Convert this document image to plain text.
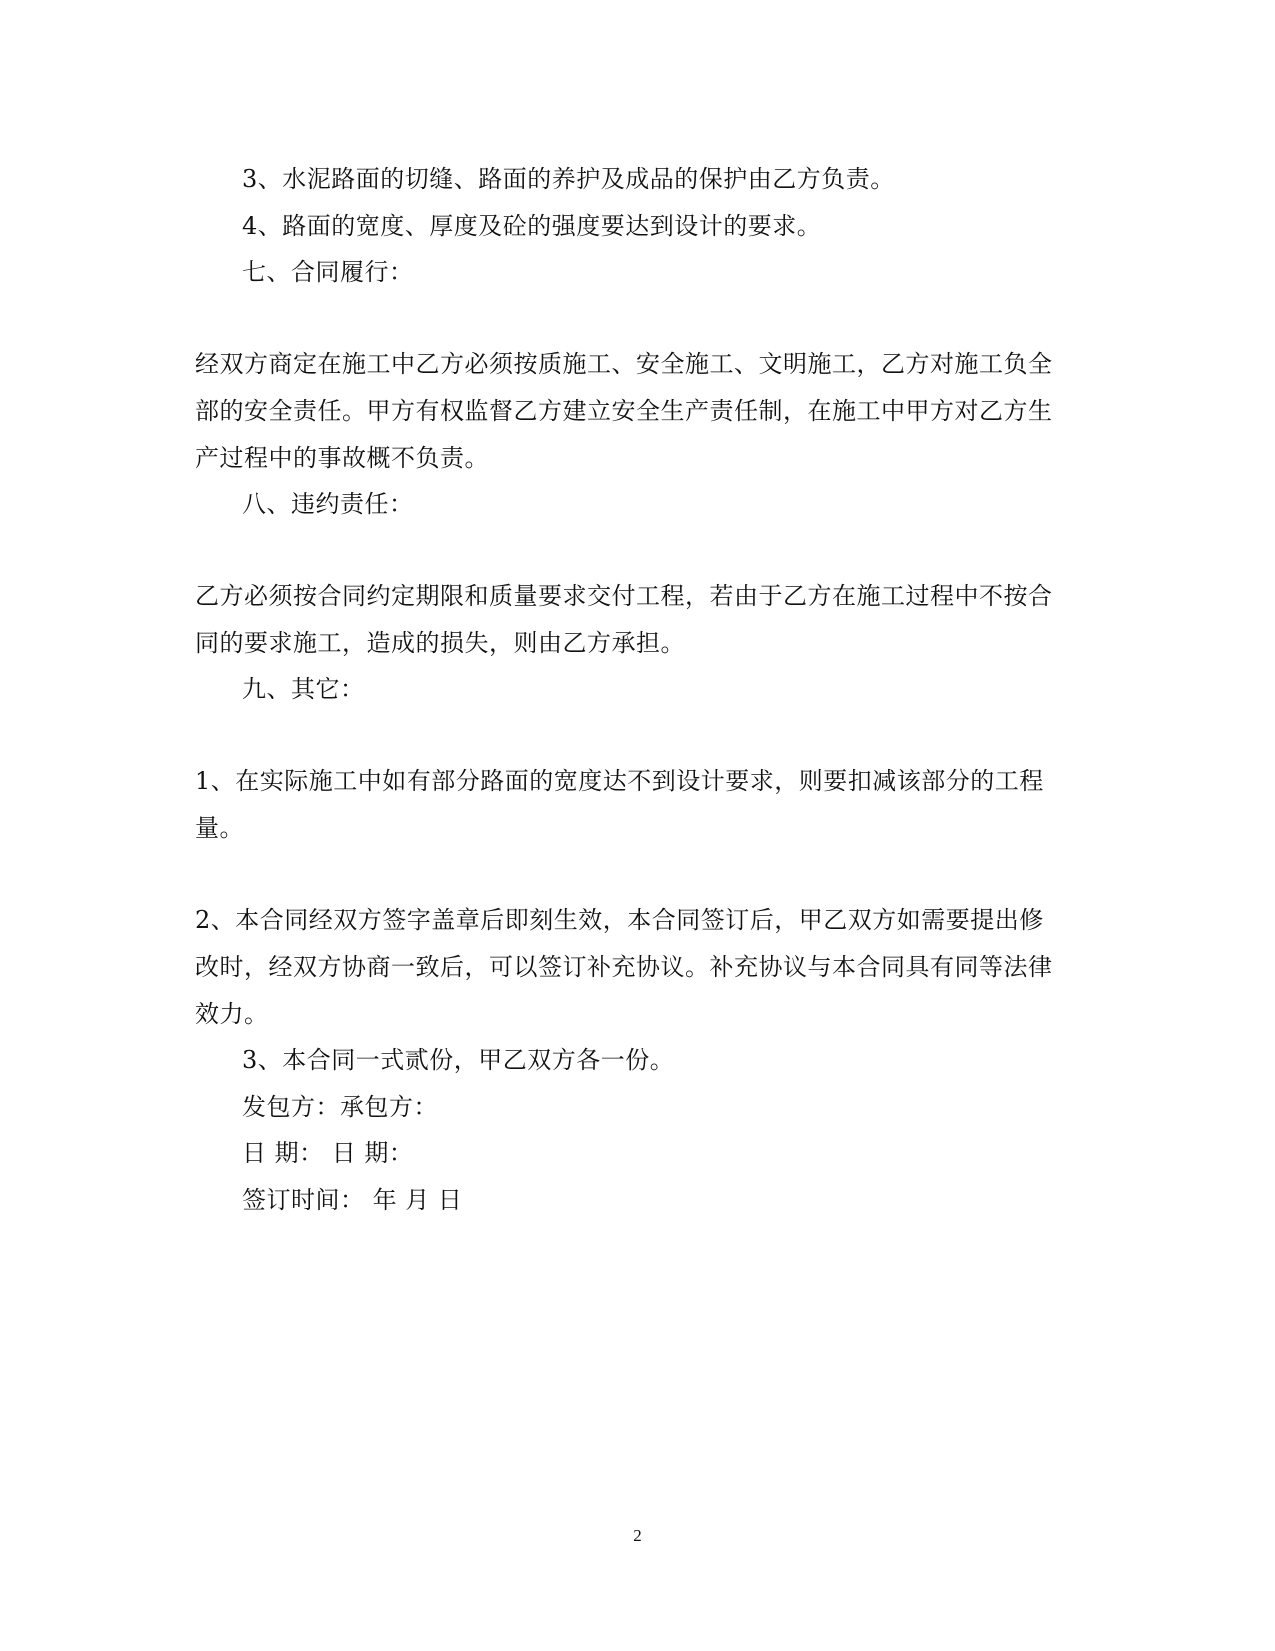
3、水泥路面的切缝、路面的养护及成品的保护由乙方负责。
4、路面的宽度、厚度及砼的强度要达到设计的要求。
七、合同履行：
经双方商定在施工中乙方必须按质施工、安全施工、文明施工，乙方对施工负全
部的安全责任。甲方有权监督乙方建立安全生产责任制，在施工中甲方对乙方生
产过程中的事故概不负责。
八、违约责任：
乙方必须按合同约定期限和质量要求交付工程，若由于乙方在施工过程中不按合
同的要求施工，造成的损失，则由乙方承担。
九、其它：
1、在实际施工中如有部分路面的宽度达不到设计要求，则要扣减该部分的工程
量。
2、本合同经双方签字盖章后即刻生效，本合同签订后，甲乙双方如需要提出修
改时，经双方协商一致后，可以签订补充协议。补充协议与本合同具有同等法律
效力。
3、本合同一式贰份，甲乙双方各一份。
发包方：承包方：
日 期： 日 期：
签订时间： 年 月 日
2
